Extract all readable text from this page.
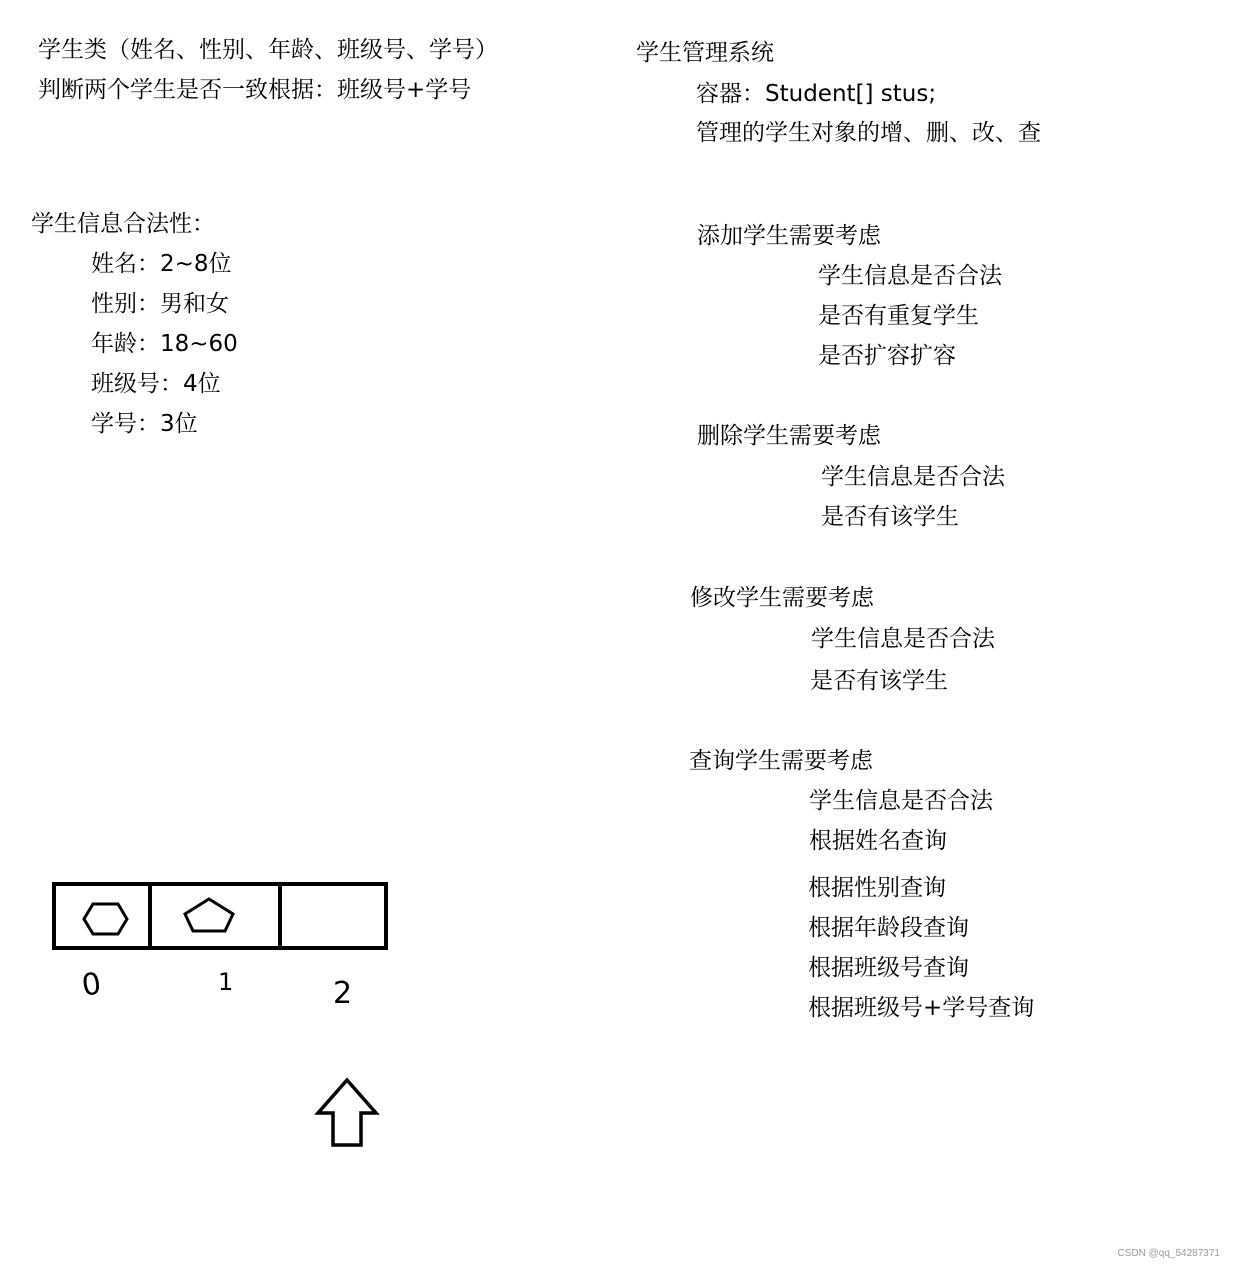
学生类（姓名、性别、年龄、班级号、学号）
判断两个学生是否一致根据：班级号+学号
学生信息合法性：
姓名：2~8位
性别：男和女
年龄：18~60
班级号：4位
学号：3位
学生管理系统
容器：Student[] stus;
管理的学生对象的增、删、改、查
添加学生需要考虑
学生信息是否合法
是否有重复学生
是否扩容扩容
删除学生需要考虑
学生信息是否合法
是否有该学生
修改学生需要考虑
学生信息是否合法
是否有该学生
查询学生需要考虑
学生信息是否合法
根据姓名查询
根据性别查询
根据年龄段查询
根据班级号查询
根据班级号+学号查询
0	1	2
CSDN @qq_54287371
